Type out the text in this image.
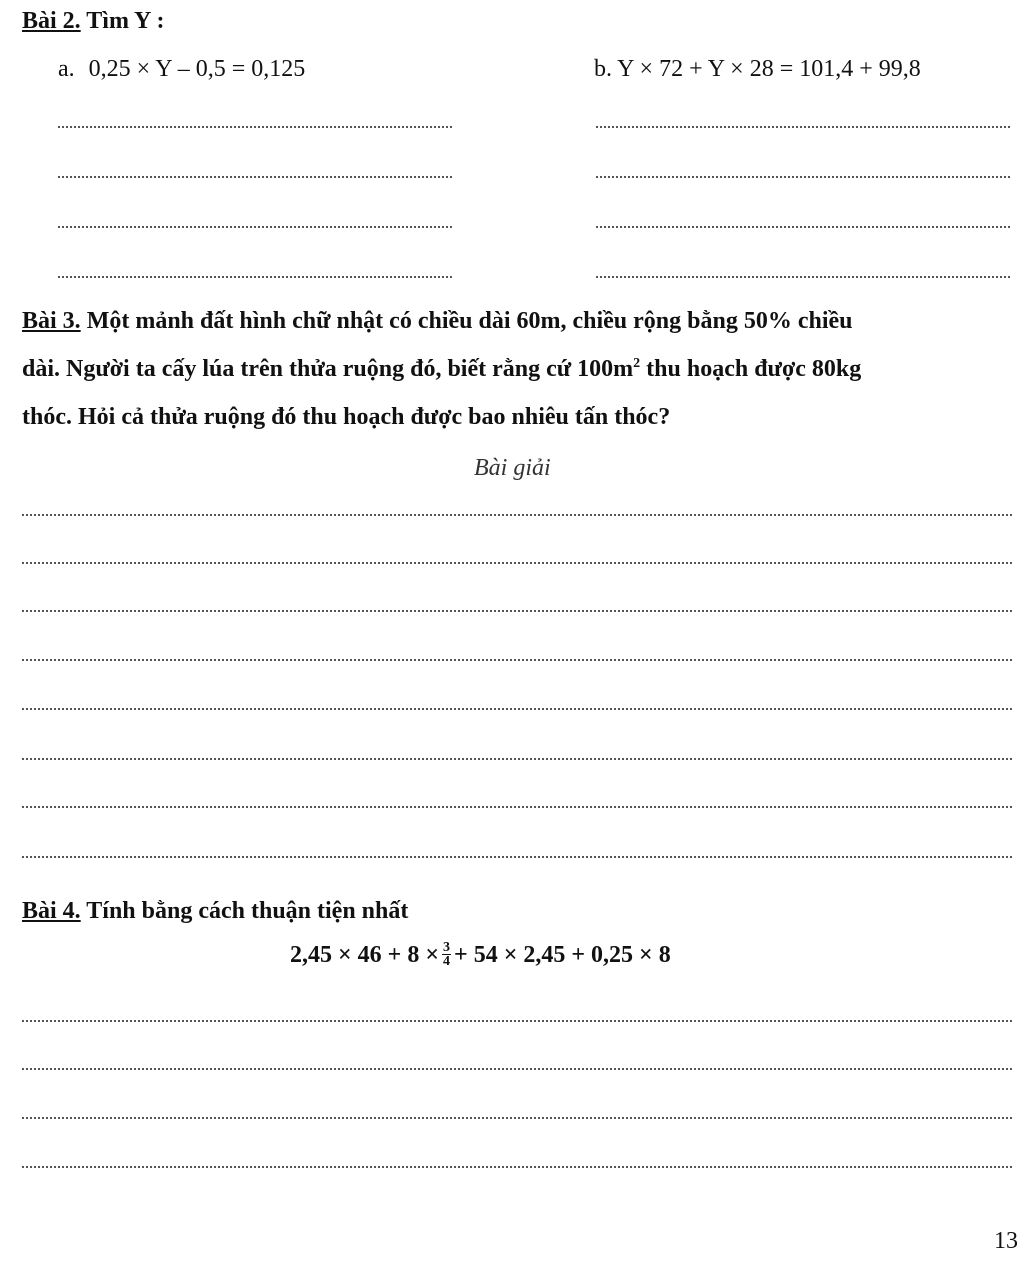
Bài 2. Tìm Y :
a. 0,25 × Y – 0,5 = 0,125	b. Y × 72 + Y × 28 = 101,4 + 99,8
Bài 3. Một mảnh đất hình chữ nhật có chiều dài 60m, chiều rộng bằng 50% chiều
dài. Người ta cấy lúa trên thửa ruộng đó, biết rằng cứ $100m^2$ thu hoạch được 80kg
thóc. Hỏi cả thửa ruộng đó thu hoạch được bao nhiêu tấn thóc?
Bài giải
Bài 4. Tính bằng cách thuận tiện nhất
$2,45 \times 46 + 8 \times \frac{3}{4} + 54 \times 2,45 + 0,25 \times 8$
13
